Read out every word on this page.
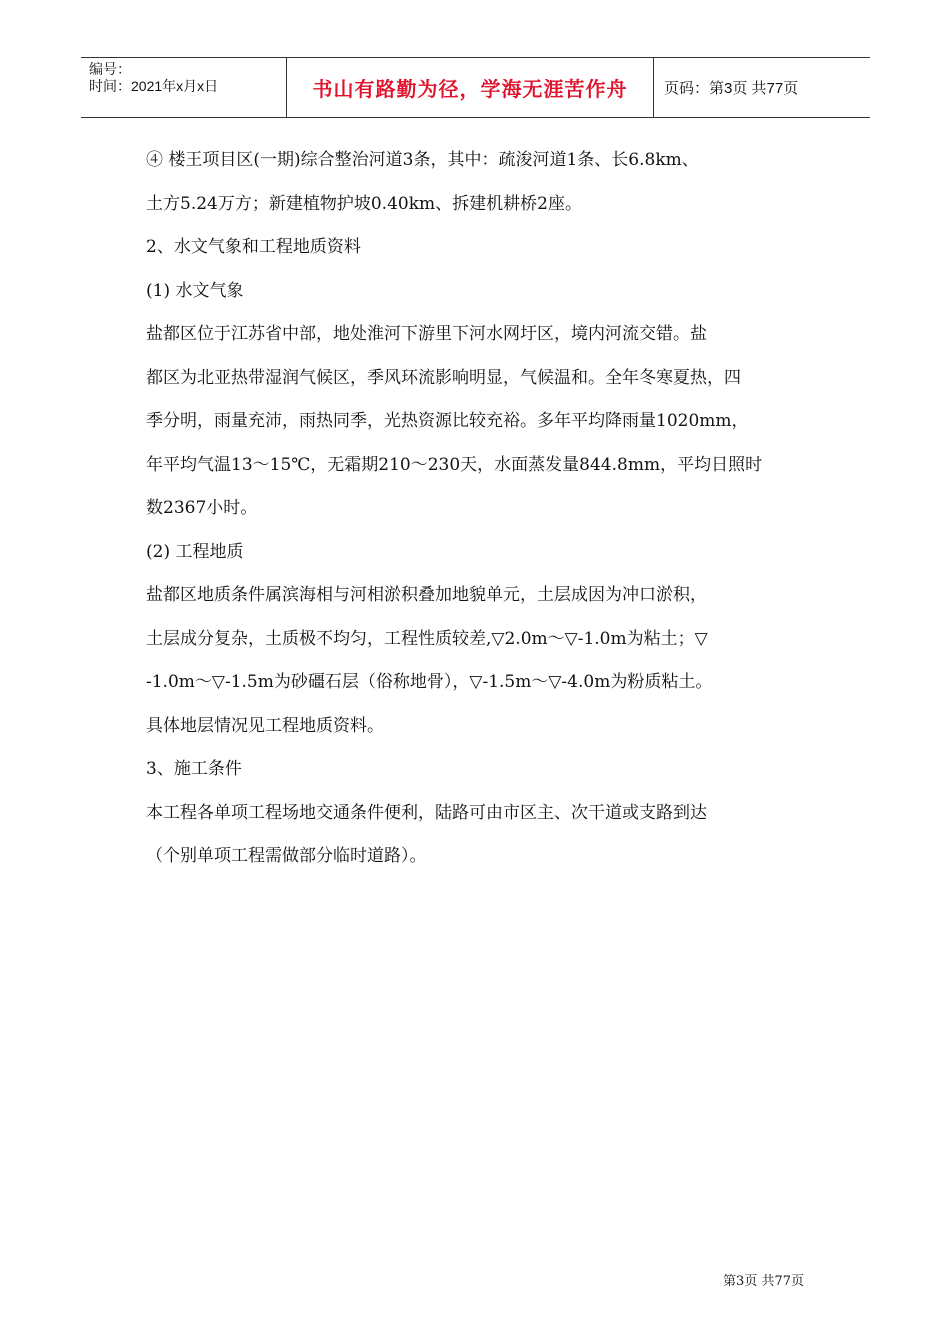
编号：
时间：2021年x月x日	书山有路勤为径，学海无涯苦作舟	页码：第3页 共77页
④ 楼王项目区(一期)综合整治河道3条，其中：疏浚河道1条、长6.8km、
土方5.24万方；新建植物护坡0.40km、拆建机耕桥2座。
2、水文气象和工程地质资料
(1) 水文气象
盐都区位于江苏省中部，地处淮河下游里下河水网圩区，境内河流交错。盐
都区为北亚热带湿润气候区，季风环流影响明显，气候温和。全年冬寒夏热，四
季分明，雨量充沛，雨热同季，光热资源比较充裕。多年平均降雨量1020mm，
年平均气温13～15℃，无霜期210～230天，水面蒸发量844.8mm，平均日照时
数2367小时。
(2) 工程地质
盐都区地质条件属滨海相与河相淤积叠加地貌单元，土层成因为冲口淤积，
土层成分复杂，土质极不均匀，工程性质较差,▽2.0m～▽-1.0m为粘土；▽
-1.0m～▽-1.5m为砂礓石层（俗称地骨），▽-1.5m～▽-4.0m为粉质粘土。
具体地层情况见工程地质资料。
3、施工条件
本工程各单项工程场地交通条件便利，陆路可由市区主、次干道或支路到达
（个别单项工程需做部分临时道路）。
第3页 共77页
